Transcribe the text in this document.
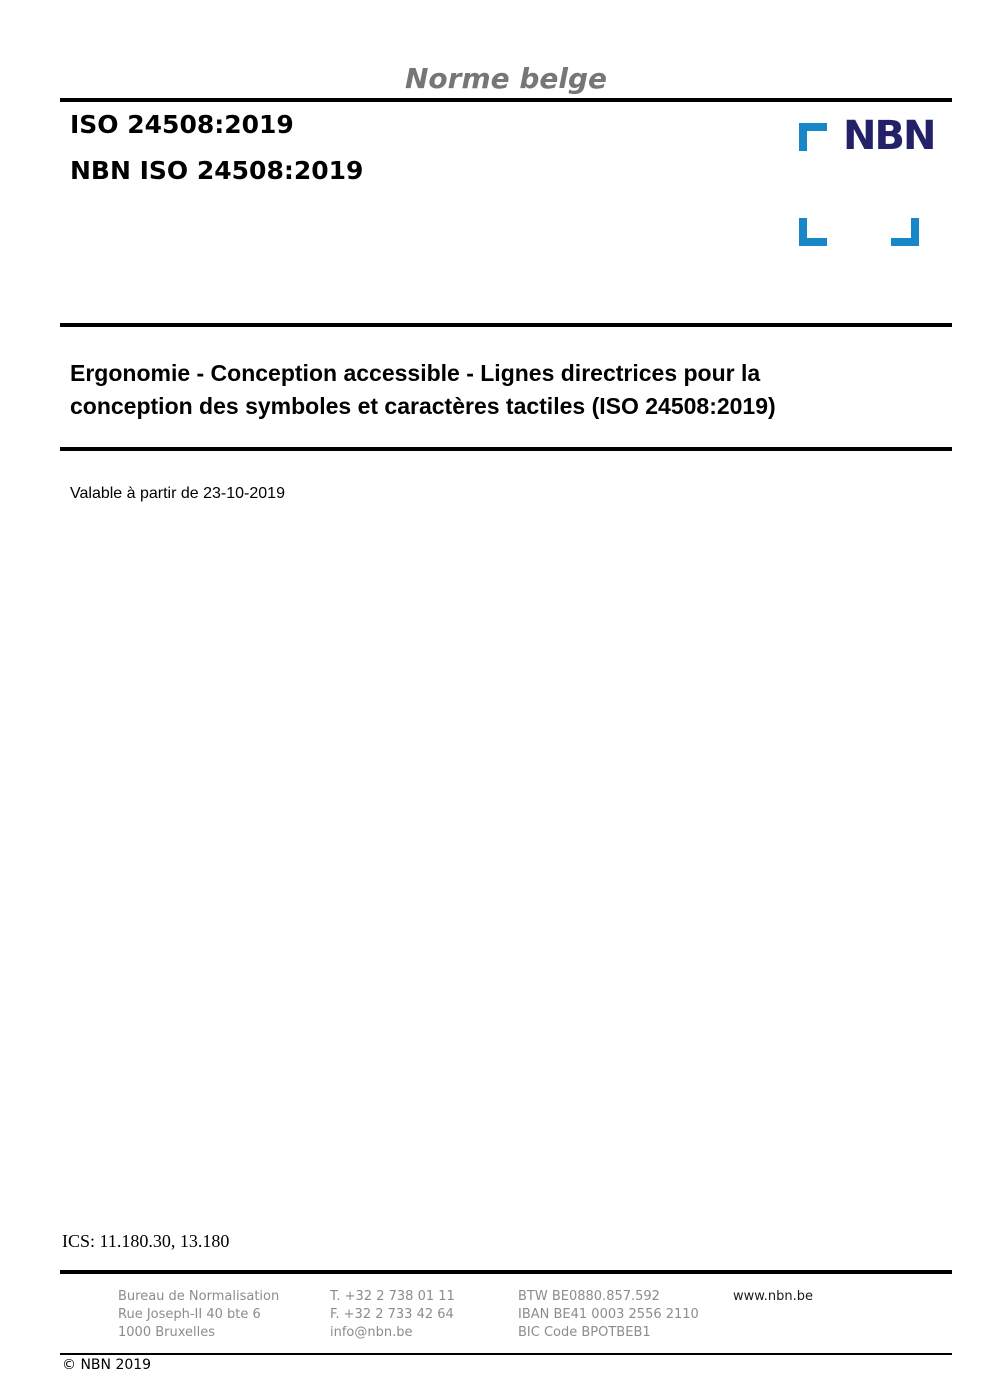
Norme belge
ISO 24508:2019
NBN ISO 24508:2019
NBN
Ergonomie - Conception accessible - Lignes directrices pour la
conception des symboles et caractères tactiles (ISO 24508:2019)
Valable à partir de 23-10-2019
ICS: 11.180.30, 13.180
Bureau de Normalisation
Rue Joseph-II 40 bte 6
1000 Bruxelles
T. +32 2 738 01 11
F. +32 2 733 42 64
info@nbn.be
BTW BE0880.857.592
IBAN BE41 0003 2556 2110
BIC Code BPOTBEB1
www.nbn.be
© NBN 2019
